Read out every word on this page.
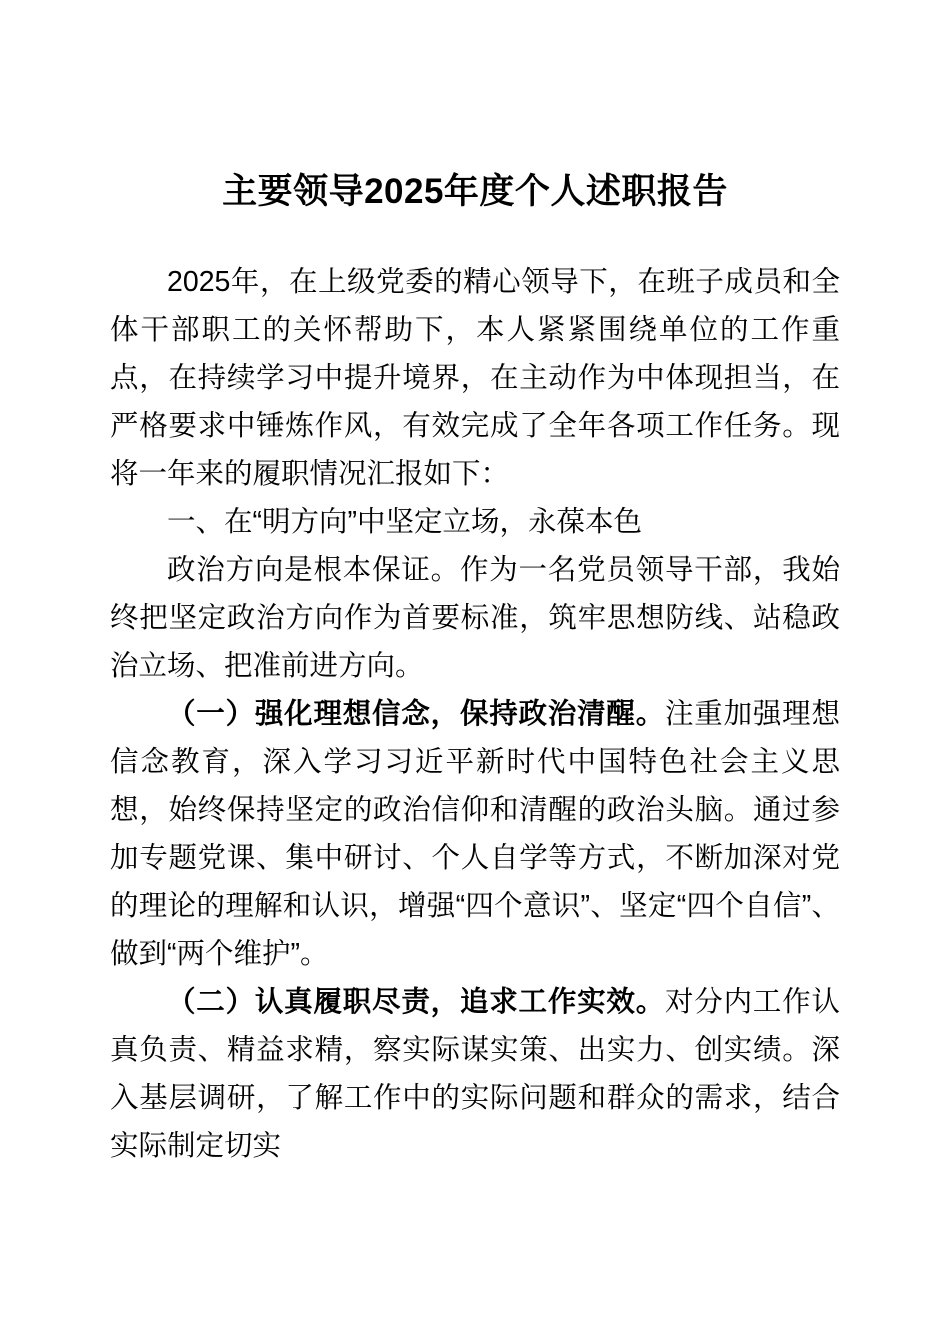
主要领导2025年度个人述职报告

2025年，在上级党委的精心领导下，在班子成员和全体干部职工的关怀帮助下，本人紧紧围绕单位的工作重点，在持续学习中提升境界，在主动作为中体现担当，在严格要求中锤炼作风，有效完成了全年各项工作任务。现将一年来的履职情况汇报如下：

一、在“明方向”中坚定立场，永葆本色

政治方向是根本保证。作为一名党员领导干部，我始终把坚定政治方向作为首要标准，筑牢思想防线、站稳政治立场、把准前进方向。

（一）强化理想信念，保持政治清醒。注重加强理想信念教育，深入学习习近平新时代中国特色社会主义思想，始终保持坚定的政治信仰和清醒的政治头脑。通过参加专题党课、集中研讨、个人自学等方式，不断加深对党的理论的理解和认识，增强“四个意识”、坚定“四个自信”、做到“两个维护”。

（二）认真履职尽责，追求工作实效。对分内工作认真负责、精益求精，察实际谋实策、出实力、创实绩。深入基层调研，了解工作中的实际问题和群众的需求，结合实际制定切实
